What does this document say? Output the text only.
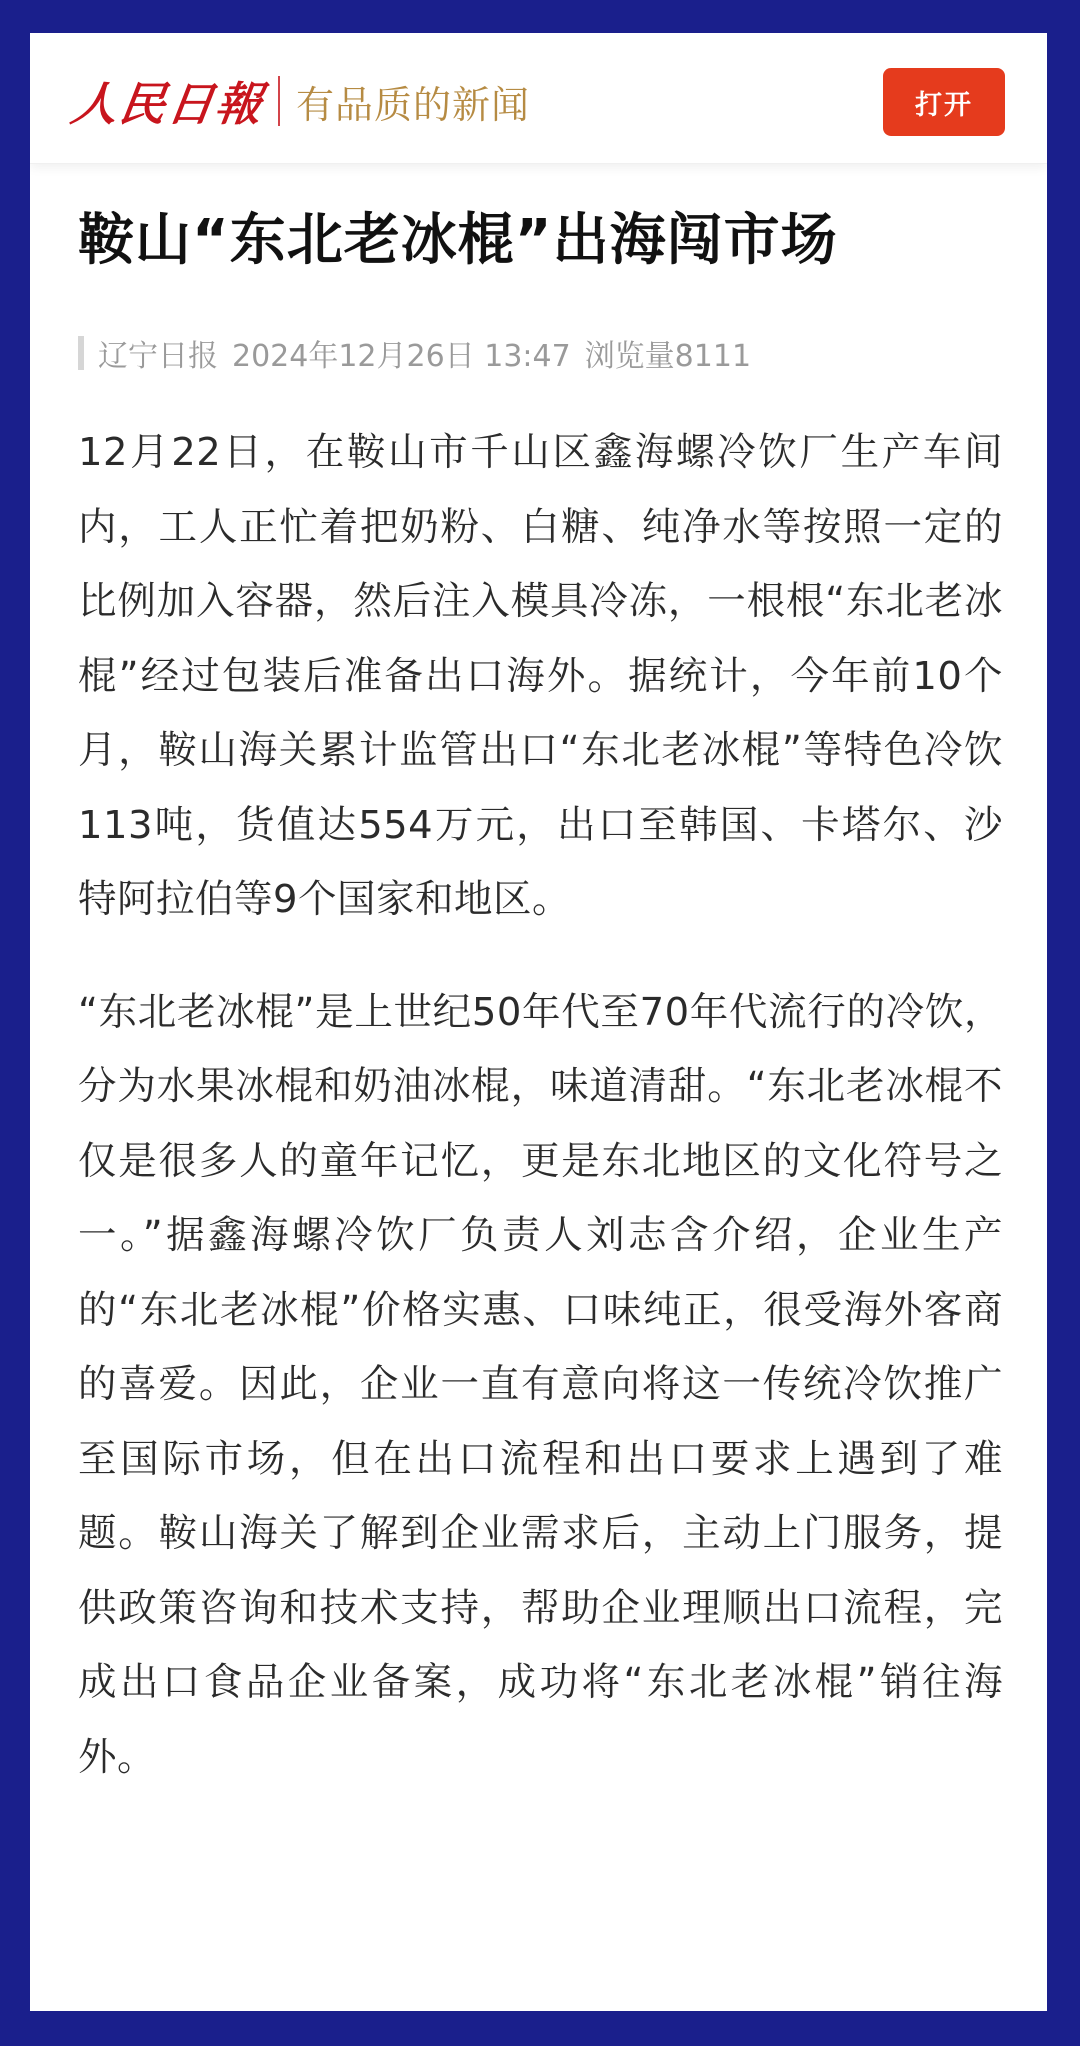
人民日報 有品质的新闻	打开
鞍山“东北老冰棍”出海闯市场
辽宁日报 2024年12月26日 13:47 浏览量8111

12月22日，在鞍山市千山区鑫海螺冷饮厂生产车间内，工人正忙着把奶粉、白糖、纯净水等按照一定的比例加入容器，然后注入模具冷冻，一根根“东北老冰棍”经过包装后准备出口海外。据统计，今年前10个月，鞍山海关累计监管出口“东北老冰棍”等特色冷饮113吨，货值达554万元，出口至韩国、卡塔尔、沙特阿拉伯等9个国家和地区。

“东北老冰棍”是上世纪50年代至70年代流行的冷饮，分为水果冰棍和奶油冰棍，味道清甜。“东北老冰棍不仅是很多人的童年记忆，更是东北地区的文化符号之一。”据鑫海螺冷饮厂负责人刘志含介绍，企业生产的“东北老冰棍”价格实惠、口味纯正，很受海外客商的喜爱。因此，企业一直有意向将这一传统冷饮推广至国际市场，但在出口流程和出口要求上遇到了难题。鞍山海关了解到企业需求后，主动上门服务，提供政策咨询和技术支持，帮助企业理顺出口流程，完成出口食品企业备案，成功将“东北老冰棍”销往海外。
